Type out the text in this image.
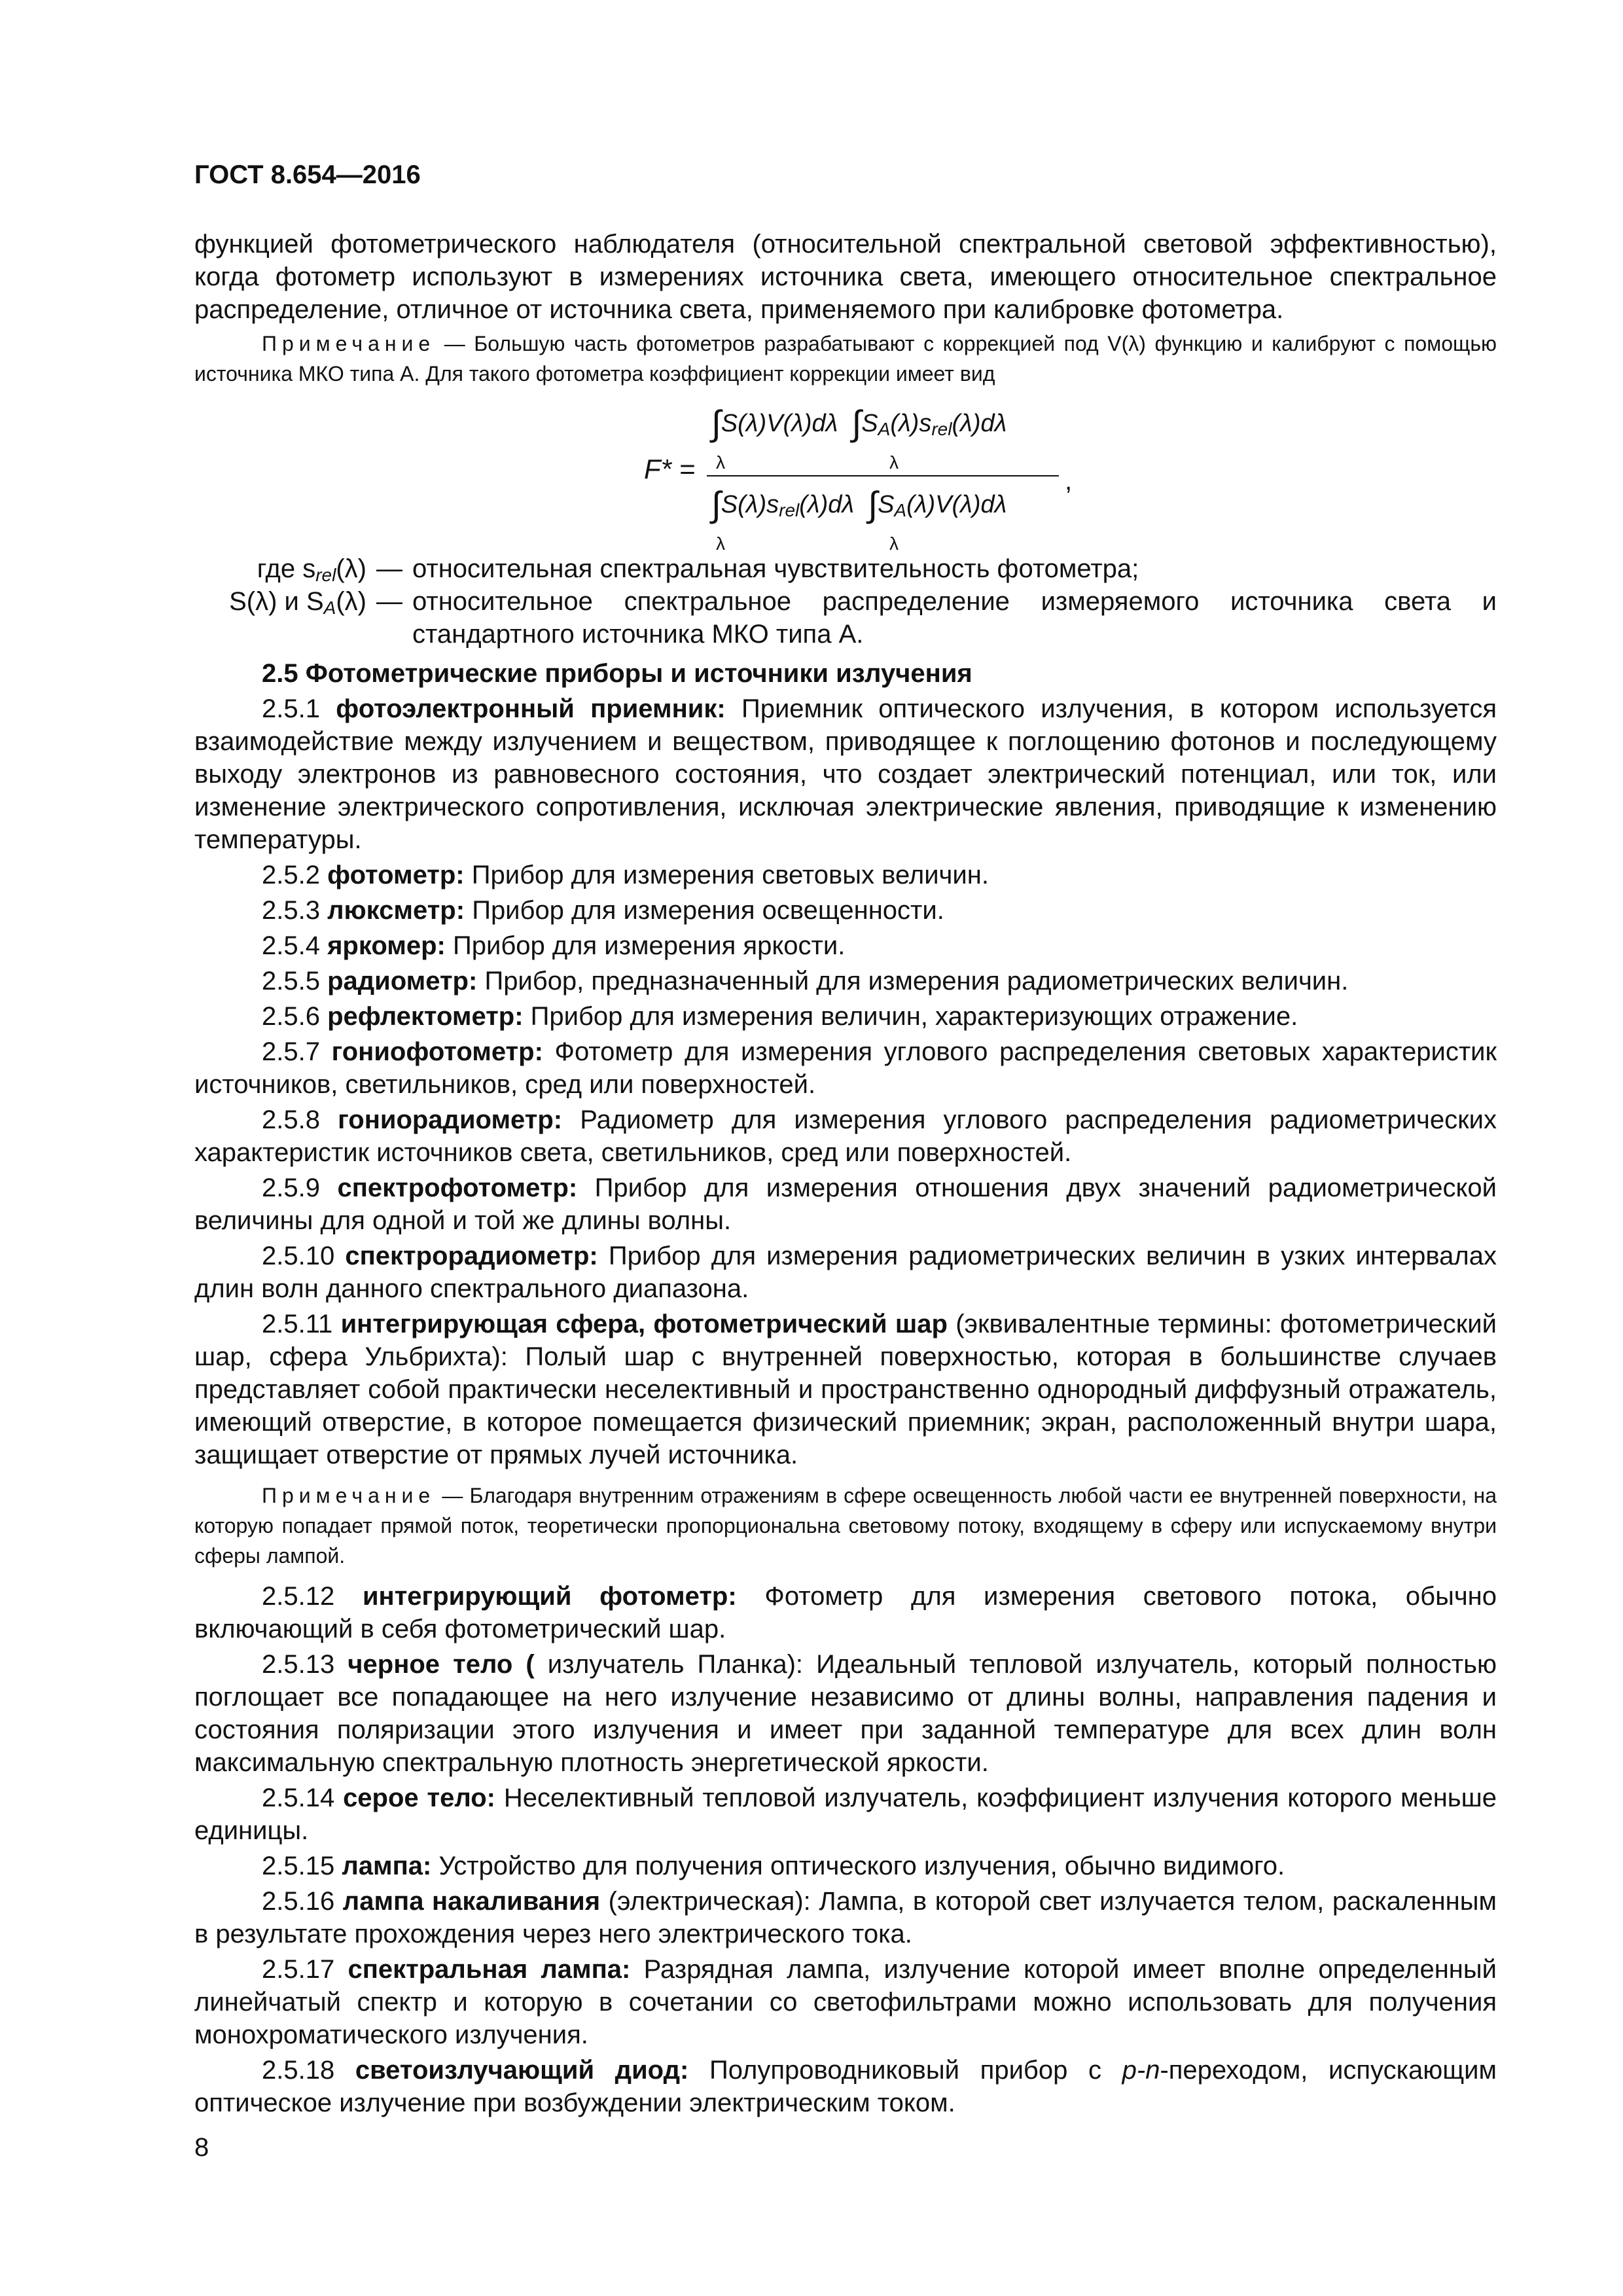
ГОСТ 8.654—2016

функцией фотометрического наблюдателя (относительной спектральной световой эффективностью), когда фотометр используют в измерениях источника света, имеющего относительное спектральное распределение, отличное от источника света, применяемого при калибровке фотометра.

Примечание — Большую часть фотометров разрабатывают с коррекцией под V(λ) функцию и калибруют с помощью источника МКО типа А. Для такого фотометра коэффициент коррекции имеет вид

F* =
∫S(λ)V(λ)dλ $\int S_A(\lambda)s_{rel}(\lambda)d\lambda$
λ	λ
$\int S(\lambda)s_{rel}(\lambda)d\lambda$ $\int S_A(\lambda)V(\lambda)d\lambda$
λ	λ
,
где $s_{rel}(\lambda)$ — относительная спектральная чувствительность фотометра;
S(λ) и $S_A(\lambda)$ — относительное спектральное распределение измеряемого источника света и стандартного источника МКО типа А.

2.5 Фотометрические приборы и источники излучения

2.5.1 фотоэлектронный приемник: Приемник оптического излучения, в котором используется взаимодействие между излучением и веществом, приводящее к поглощению фотонов и последующему выходу электронов из равновесного состояния, что создает электрический потенциал, или ток, или изменение электрического сопротивления, исключая электрические явления, приводящие к изменению температуры.

2.5.2 фотометр: Прибор для измерения световых величин.

2.5.3 люксметр: Прибор для измерения освещенности.

2.5.4 яркомер: Прибор для измерения яркости.

2.5.5 радиометр: Прибор, предназначенный для измерения радиометрических величин.

2.5.6 рефлектометр: Прибор для измерения величин, характеризующих отражение.

2.5.7 гониофотометр: Фотометр для измерения углового распределения световых характеристик источников, светильников, сред или поверхностей.

2.5.8 гониорадиометр: Радиометр для измерения углового распределения радиометрических характеристик источников света, светильников, сред или поверхностей.

2.5.9 спектрофотометр: Прибор для измерения отношения двух значений радиометрической величины для одной и той же длины волны.

2.5.10 спектрорадиометр: Прибор для измерения радиометрических величин в узких интервалах длин волн данного спектрального диапазона.

2.5.11 интегрирующая сфера, фотометрический шар (эквивалентные термины: фотометрический шар, сфера Ульбрихта): Полый шар с внутренней поверхностью, которая в большинстве случаев представляет собой практически неселективный и пространственно однородный диффузный отражатель, имеющий отверстие, в которое помещается физический приемник; экран, расположенный внутри шара, защищает отверстие от прямых лучей источника.

Примечание — Благодаря внутренним отражениям в сфере освещенность любой части ее внутренней поверхности, на которую попадает прямой поток, теоретически пропорциональна световому потоку, входящему в сферу или испускаемому внутри сферы лампой.

2.5.12 интегрирующий фотометр: Фотометр для измерения светового потока, обычно включающий в себя фотометрический шар.

2.5.13 черное тело ( излучатель Планка): Идеальный тепловой излучатель, который полностью поглощает все попадающее на него излучение независимо от длины волны, направления падения и состояния поляризации этого излучения и имеет при заданной температуре для всех длин волн максимальную спектральную плотность энергетической яркости.

2.5.14 серое тело: Неселективный тепловой излучатель, коэффициент излучения которого меньше единицы.

2.5.15 лампа: Устройство для получения оптического излучения, обычно видимого.

2.5.16 лампа накаливания (электрическая): Лампа, в которой свет излучается телом, раскаленным в результате прохождения через него электрического тока.

2.5.17 спектральная лампа: Разрядная лампа, излучение которой имеет вполне определенный линейчатый спектр и которую в сочетании со светофильтрами можно использовать для получения монохроматического излучения.

2.5.18 светоизлучающий диод: Полупроводниковый прибор с p-n-переходом, испускающим оптическое излучение при возбуждении электрическим током.

8
